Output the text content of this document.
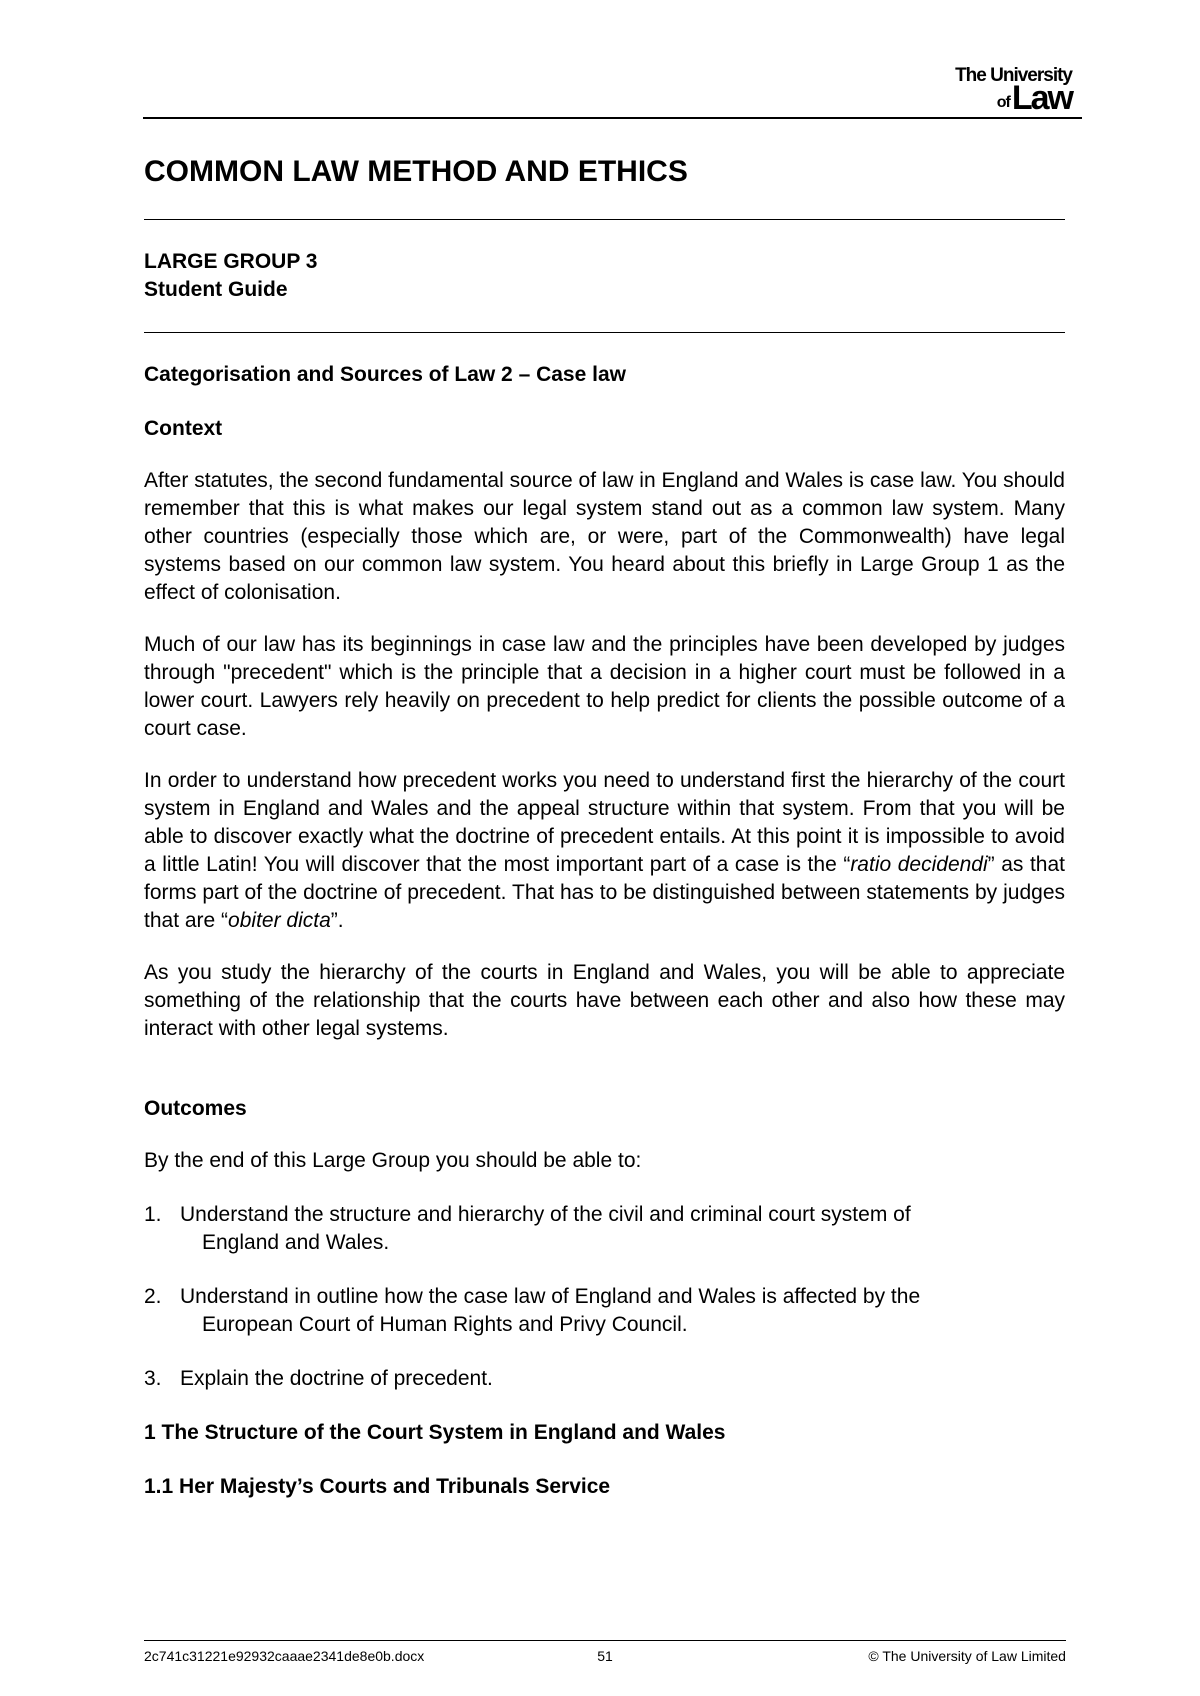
The University
of Law
COMMON LAW METHOD AND ETHICS
LARGE GROUP 3
Student Guide
Categorisation and Sources of Law 2 – Case law
Context

After statutes, the second fundamental source of law in England and Wales is case law. You should remember that this is what makes our legal system stand out as a common law system. Many other countries (especially those which are, or were, part of the Commonwealth) have legal systems based on our common law system. You heard about this briefly in Large Group 1 as the effect of colonisation.

Much of our law has its beginnings in case law and the principles have been developed by judges through "precedent" which is the principle that a decision in a higher court must be followed in a lower court. Lawyers rely heavily on precedent to help predict for clients the possible outcome of a court case.

In order to understand how precedent works you need to understand first the hierarchy of the court system in England and Wales and the appeal structure within that system. From that you will be able to discover exactly what the doctrine of precedent entails. At this point it is impossible to avoid a little Latin! You will discover that the most important part of a case is the “ratio decidendi” as that forms part of the doctrine of precedent. That has to be distinguished between statements by judges that are “obiter dicta”.

As you study the hierarchy of the courts in England and Wales, you will be able to appreciate something of the relationship that the courts have between each other and also how these may interact with other legal systems.

Outcomes

By the end of this Large Group you should be able to:

1. Understand the structure and hierarchy of the civil and criminal court system of
England and Wales.
2. Understand in outline how the case law of England and Wales is affected by the
European Court of Human Rights and Privy Council.
3. Explain the doctrine of precedent.
1 The Structure of the Court System in England and Wales
1.1 Her Majesty’s Courts and Tribunals Service
2c741c31221e92932caaae2341de8e0b.docx	51	© The University of Law Limited
